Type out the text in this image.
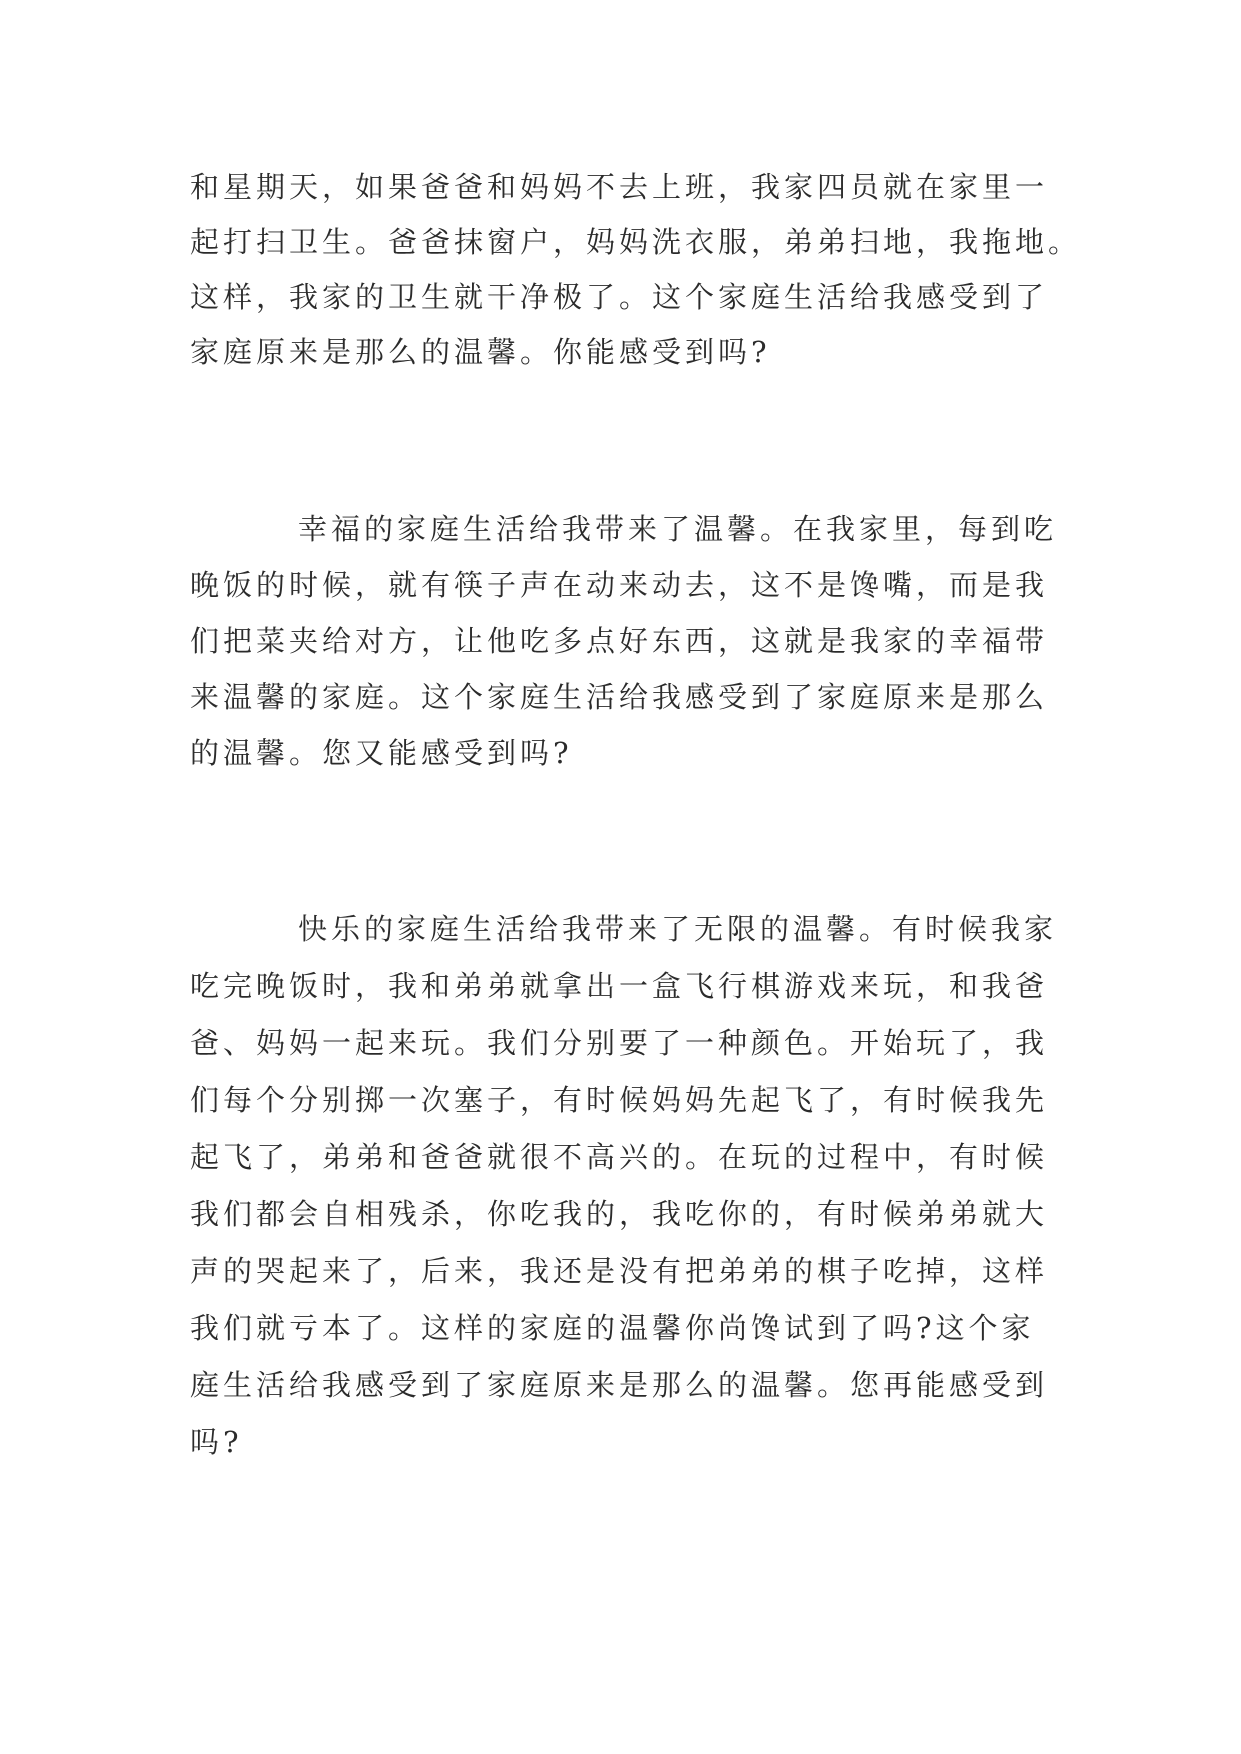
和星期天，如果爸爸和妈妈不去上班，我家四员就在家里一
起打扫卫生。爸爸抹窗户，妈妈洗衣服，弟弟扫地，我拖地。
这样，我家的卫生就干净极了。这个家庭生活给我感受到了
家庭原来是那么的温馨。你能感受到吗?
幸福的家庭生活给我带来了温馨。在我家里，每到吃
晚饭的时候，就有筷子声在动来动去，这不是馋嘴，而是我
们把菜夹给对方，让他吃多点好东西，这就是我家的幸福带
来温馨的家庭。这个家庭生活给我感受到了家庭原来是那么
的温馨。您又能感受到吗?
快乐的家庭生活给我带来了无限的温馨。有时候我家
吃完晚饭时，我和弟弟就拿出一盒飞行棋游戏来玩，和我爸
爸、妈妈一起来玩。我们分别要了一种颜色。开始玩了，我
们每个分别掷一次塞子，有时候妈妈先起飞了，有时候我先
起飞了，弟弟和爸爸就很不高兴的。在玩的过程中，有时候
我们都会自相残杀，你吃我的，我吃你的，有时候弟弟就大
声的哭起来了，后来，我还是没有把弟弟的棋子吃掉，这样
我们就亏本了。这样的家庭的温馨你尚馋试到了吗?这个家
庭生活给我感受到了家庭原来是那么的温馨。您再能感受到
吗?
